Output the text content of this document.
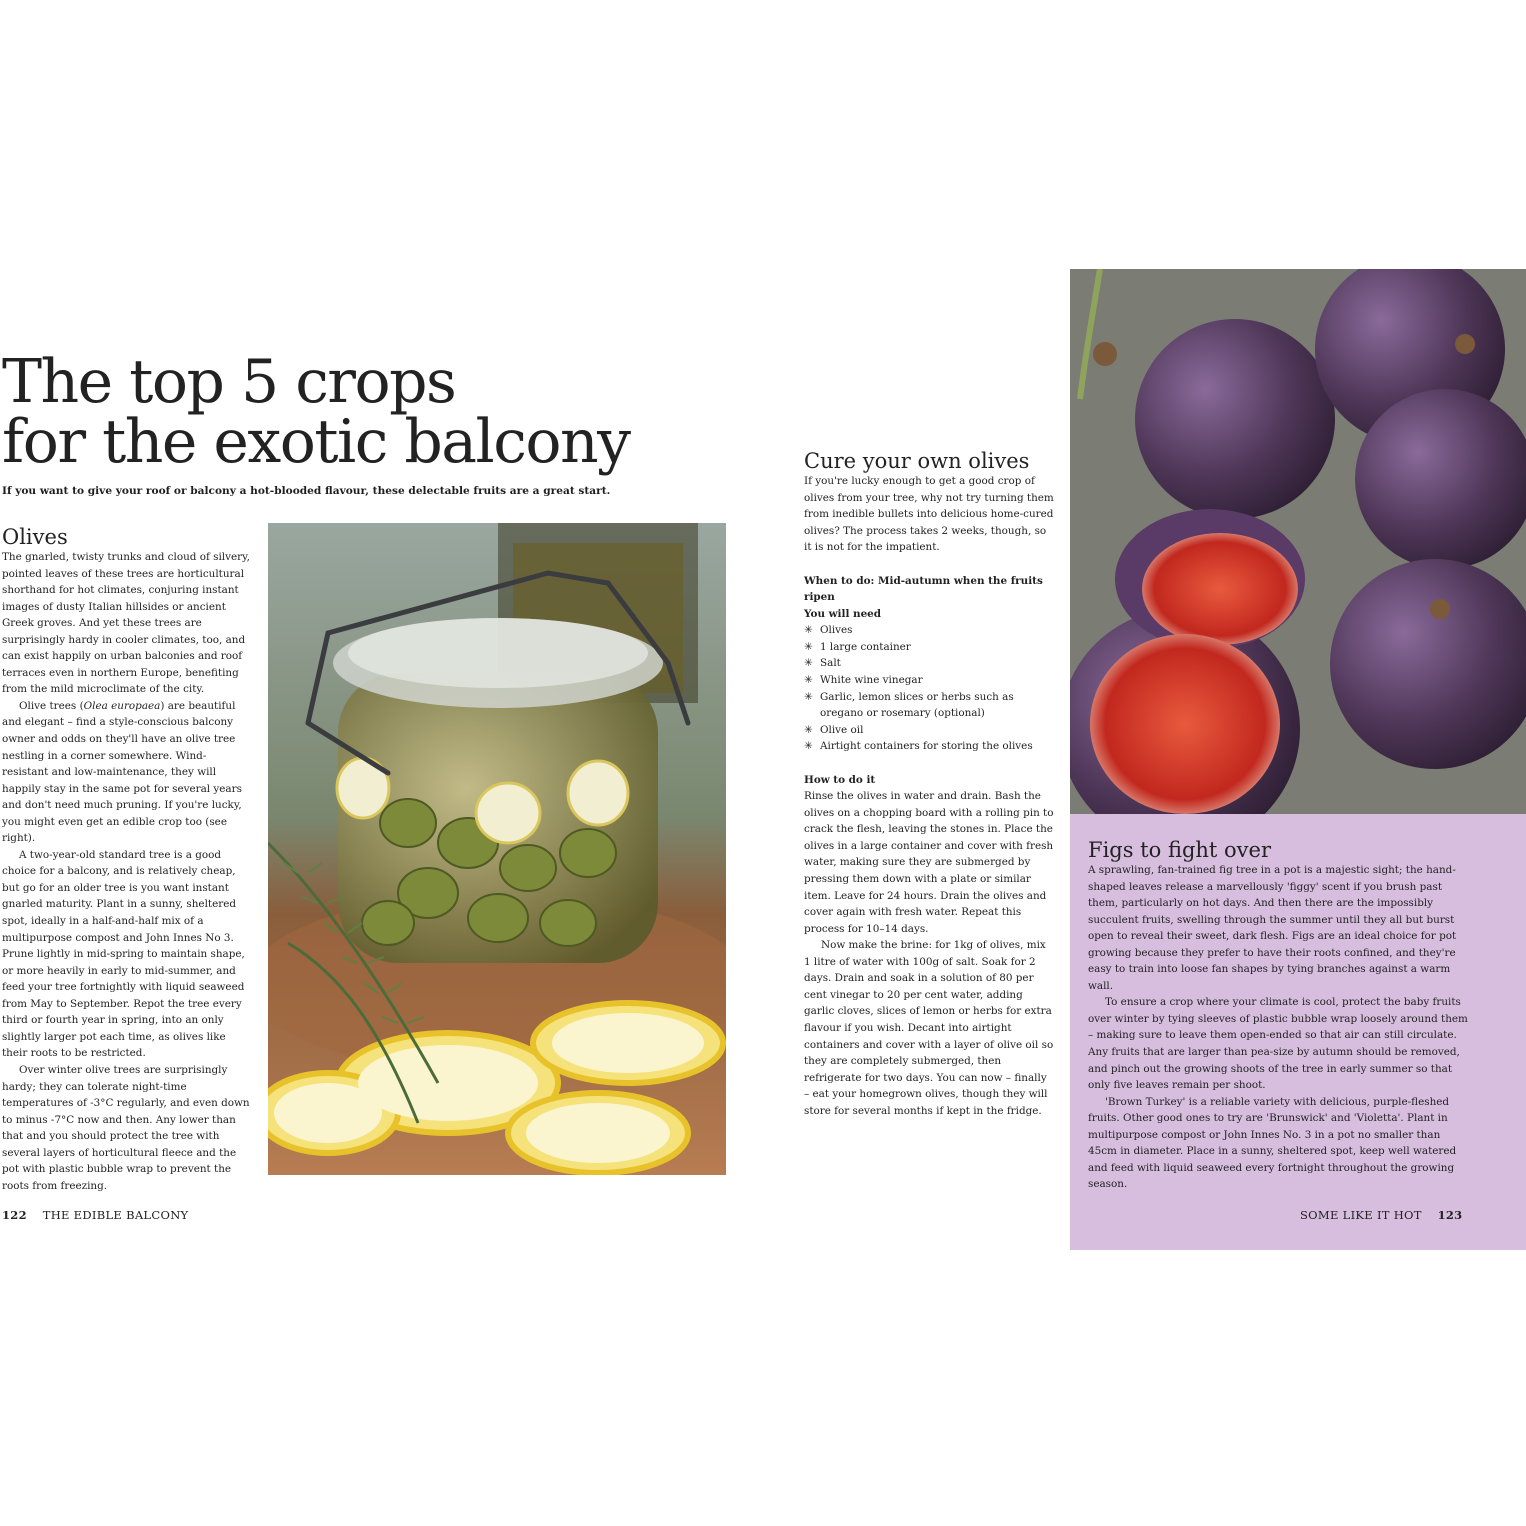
The top 5 crops
for the exotic balcony
If you want to give your roof or balcony a hot-blooded flavour, these delectable fruits are a great start.
Olives

The gnarled, twisty trunks and cloud of silvery, pointed leaves of these trees are horticultural shorthand for hot climates, conjuring instant images of dusty Italian hillsides or ancient Greek groves. And yet these trees are surprisingly hardy in cooler climates, too, and can exist happily on urban balconies and roof terraces even in northern Europe, benefiting from the mild microclimate of the city.

Olive trees (Olea europaea) are beautiful and elegant – find a style-conscious balcony owner and odds on they'll have an olive tree nestling in a corner somewhere. Wind-resistant and low-maintenance, they will happily stay in the same pot for several years and don't need much pruning. If you're lucky, you might even get an edible crop too (see right).

A two-year-old standard tree is a good choice for a balcony, and is relatively cheap, but go for an older tree is you want instant gnarled maturity. Plant in a sunny, sheltered spot, ideally in a half-and-half mix of a multipurpose compost and John Innes No 3. Prune lightly in mid-spring to maintain shape, or more heavily in early to mid-summer, and feed your tree fortnightly with liquid seaweed from May to September. Repot the tree every third or fourth year in spring, into an only slightly larger pot each time, as olives like their roots to be restricted.

Over winter olive trees are surprisingly hardy; they can tolerate night-time temperatures of -3°C regularly, and even down to minus -7°C now and then. Any lower than that and you should protect the tree with several layers of horticultural fleece and the pot with plastic bubble wrap to prevent the roots from freezing.

Cure your own olives

If you're lucky enough to get a good crop of olives from your tree, why not try turning them from inedible bullets into delicious home-cured olives? The process takes 2 weeks, though, so it is not for the impatient.

When to do: Mid-autumn when the fruits ripen

You will need

✳ Olives
✳ 1 large container
✳ Salt
✳ White wine vinegar
✳ Garlic, lemon slices or herbs such as oregano or rosemary (optional)
✳ Olive oil
✳ Airtight containers for storing the olives

How to do it

Rinse the olives in water and drain. Bash the olives on a chopping board with a rolling pin to crack the flesh, leaving the stones in. Place the olives in a large container and cover with fresh water, making sure they are submerged by pressing them down with a plate or similar item. Leave for 24 hours. Drain the olives and cover again with fresh water. Repeat this process for 10–14 days.

Now make the brine: for 1kg of olives, mix 1 litre of water with 100g of salt. Soak for 2 days. Drain and soak in a solution of 80 per cent vinegar to 20 per cent water, adding garlic cloves, slices of lemon or herbs for extra flavour if you wish. Decant into airtight containers and cover with a layer of olive oil so they are completely submerged, then refrigerate for two days. You can now – finally – eat your homegrown olives, though they will store for several months if kept in the fridge.

Figs to fight over

A sprawling, fan-trained fig tree in a pot is a majestic sight; the hand-shaped leaves release a marvellously 'figgy' scent if you brush past them, particularly on hot days. And then there are the impossibly succulent fruits, swelling through the summer until they all but burst open to reveal their sweet, dark flesh. Figs are an ideal choice for pot growing because they prefer to have their roots confined, and they're easy to train into loose fan shapes by tying branches against a warm wall.

To ensure a crop where your climate is cool, protect the baby fruits over winter by tying sleeves of plastic bubble wrap loosely around them – making sure to leave them open-ended so that air can still circulate. Any fruits that are larger than pea-size by autumn should be removed, and pinch out the growing shoots of the tree in early summer so that only five leaves remain per shoot.

'Brown Turkey' is a reliable variety with delicious, purple-fleshed fruits. Other good ones to try are 'Brunswick' and 'Violetta'. Plant in multipurpose compost or John Innes No. 3 in a pot no smaller than 45cm in diameter. Place in a sunny, sheltered spot, keep well watered and feed with liquid seaweed every fortnight throughout the growing season.

122 THE EDIBLE BALCONY	SOME LIKE IT HOT 123
